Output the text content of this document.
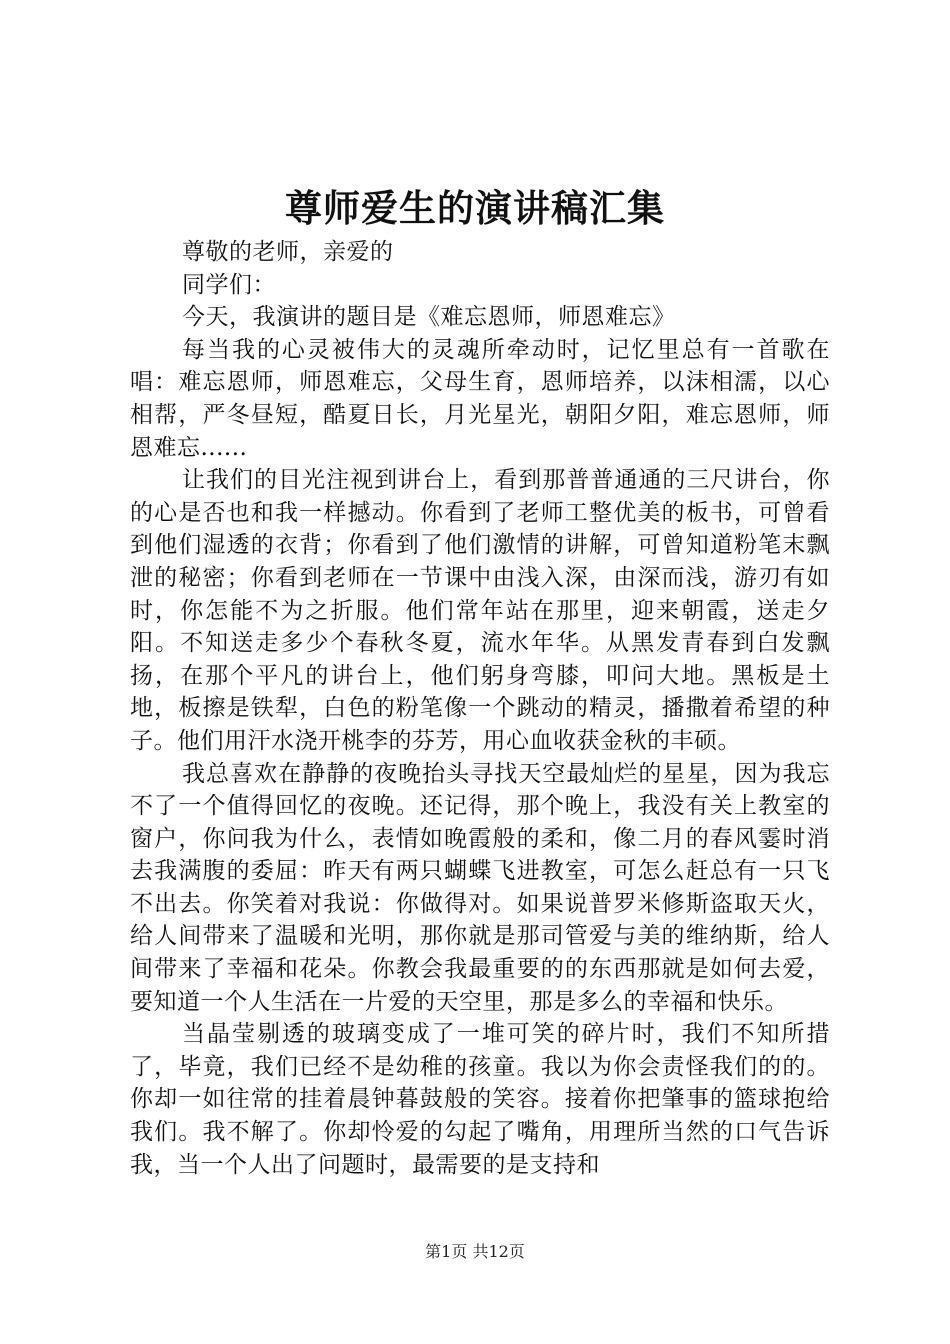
尊师爱生的演讲稿汇集

尊敬的老师，亲爱的

同学们：

今天，我演讲的题目是《难忘恩师，师恩难忘》

每当我的心灵被伟大的灵魂所牵动时，记忆里总有一首歌在唱：难忘恩师，师恩难忘，父母生育，恩师培养，以沫相濡，以心相帮，严冬昼短，酷夏日长，月光星光，朝阳夕阳，难忘恩师，师恩难忘......

让我们的目光注视到讲台上，看到那普普通通的三尺讲台，你的心是否也和我一样撼动。你看到了老师工整优美的板书，可曾看到他们湿透的衣背；你看到了他们激情的讲解，可曾知道粉笔末飘泄的秘密；你看到老师在一节课中由浅入深，由深而浅，游刃有如时，你怎能不为之折服。他们常年站在那里，迎来朝霞，送走夕阳。不知送走多少个春秋冬夏，流水年华。从黑发青春到白发飘扬，在那个平凡的讲台上，他们躬身弯膝，叩问大地。黑板是土地，板擦是铁犁，白色的粉笔像一个跳动的精灵，播撒着希望的种子。他们用汗水浇开桃李的芬芳，用心血收获金秋的丰硕。

我总喜欢在静静的夜晚抬头寻找天空最灿烂的星星，因为我忘不了一个值得回忆的夜晚。还记得，那个晚上，我没有关上教室的窗户，你问我为什么，表情如晚霞般的柔和，像二月的春风霎时消去我满腹的委屈：昨天有两只蝴蝶飞进教室，可怎么赶总有一只飞不出去。你笑着对我说：你做得对。如果说普罗米修斯盗取天火，给人间带来了温暖和光明，那你就是那司管爱与美的维纳斯，给人间带来了幸福和花朵。你教会我最重要的的东西那就是如何去爱，要知道一个人生活在一片爱的天空里，那是多么的幸福和快乐。

当晶莹剔透的玻璃变成了一堆可笑的碎片时，我们不知所措了，毕竟，我们已经不是幼稚的孩童。我以为你会责怪我们的的。你却一如往常的挂着晨钟暮鼓般的笑容。接着你把肇事的篮球抱给我们。我不解了。你却怜爱的勾起了嘴角，用理所当然的口气告诉我，当一个人出了问题时，最需要的是支持和

第1页 共12页
